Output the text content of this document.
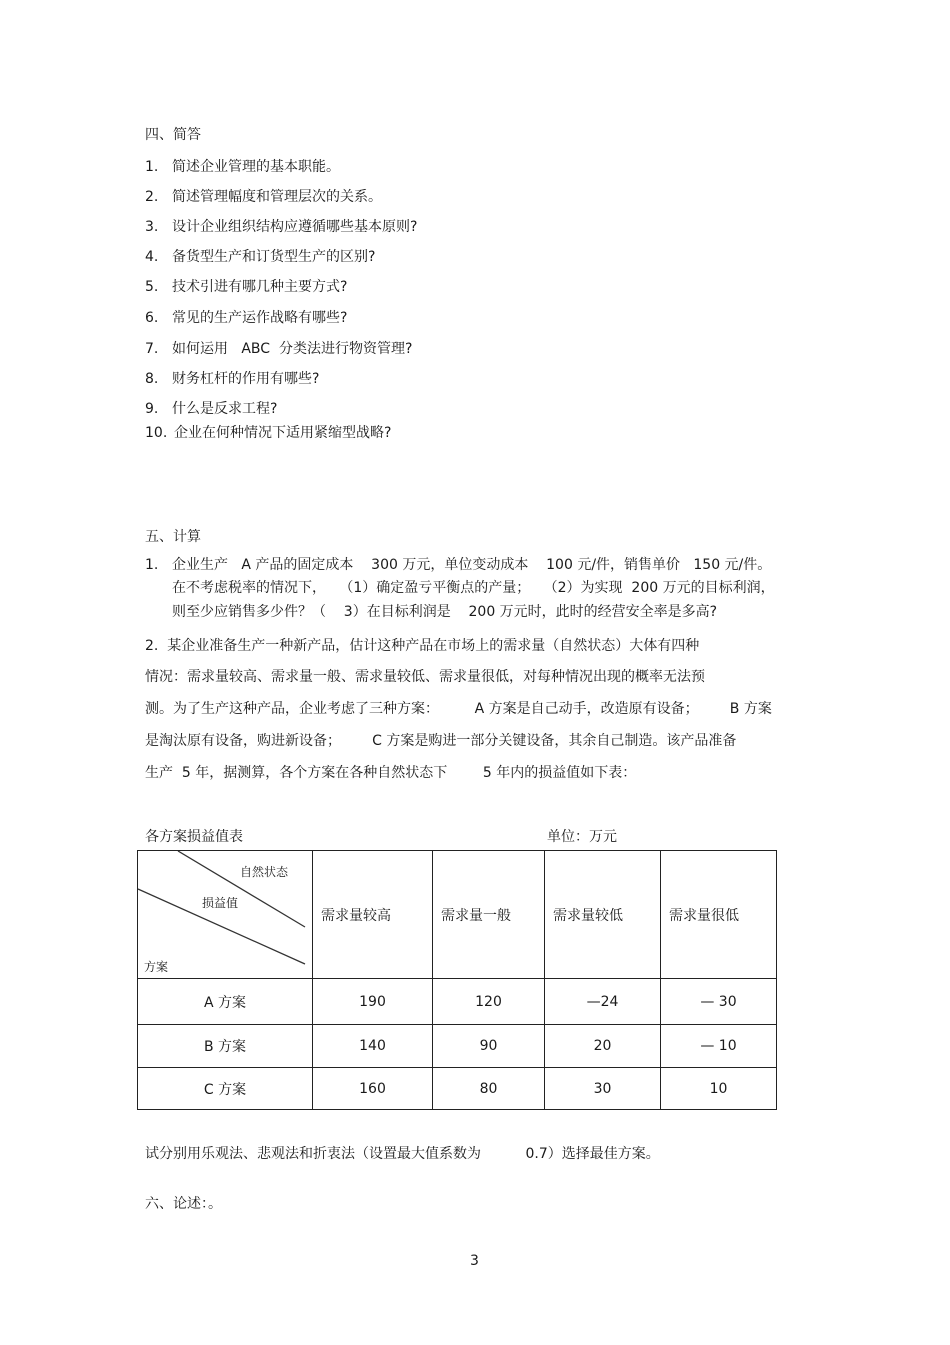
四、简答
1. 简述企业管理的基本职能。
2. 简述管理幅度和管理层次的关系。
3. 设计企业组织结构应遵循哪些基本原则?
4. 备货型生产和订货型生产的区别?
5. 技术引进有哪几种主要方式?
6. 常见的生产运作战略有哪些?
7. 如何运用   ABC  分类法进行物资管理?
8. 财务杠杆的作用有哪些?
9. 什么是反求工程?
10. 企业在何种情况下适用紧缩型战略?
五、计算
1. 企业生产   A 产品的固定成本    300 万元，单位变动成本    100 元/件，销售单价   150 元/件。
在不考虑税率的情况下，   （1）确定盈亏平衡点的产量；   （2）为实现  200 万元的目标利润，
则至少应销售多少件？（    3）在目标利润是    200 万元时，此时的经营安全率是多高?
2.  某企业准备生产一种新产品，估计这种产品在市场上的需求量（自然状态）大体有四种
情况：需求量较高、需求量一般、需求量较低、需求量很低，对每种情况出现的概率无法预
测。为了生产这种产品，企业考虑了三种方案：        A 方案是自己动手，改造原有设备；       B 方案
是淘汰原有设备，购进新设备；       C 方案是购进一部分关键设备，其余自己制造。该产品准备
生产  5 年，据测算，各个方案在各种自然状态下        5 年内的损益值如下表：
各方案损益值表	单位：万元

自然状态

损益值

方案	需求量较高	需求量一般	需求量较低	需求量很低
A 方案	190	120	—24	— 30
B 方案	140	90	20	— 10
C 方案	160	80	30	10
试分别用乐观法、悲观法和折衷法（设置最大值系数为          0.7）选择最佳方案。
六、论述：。
3
